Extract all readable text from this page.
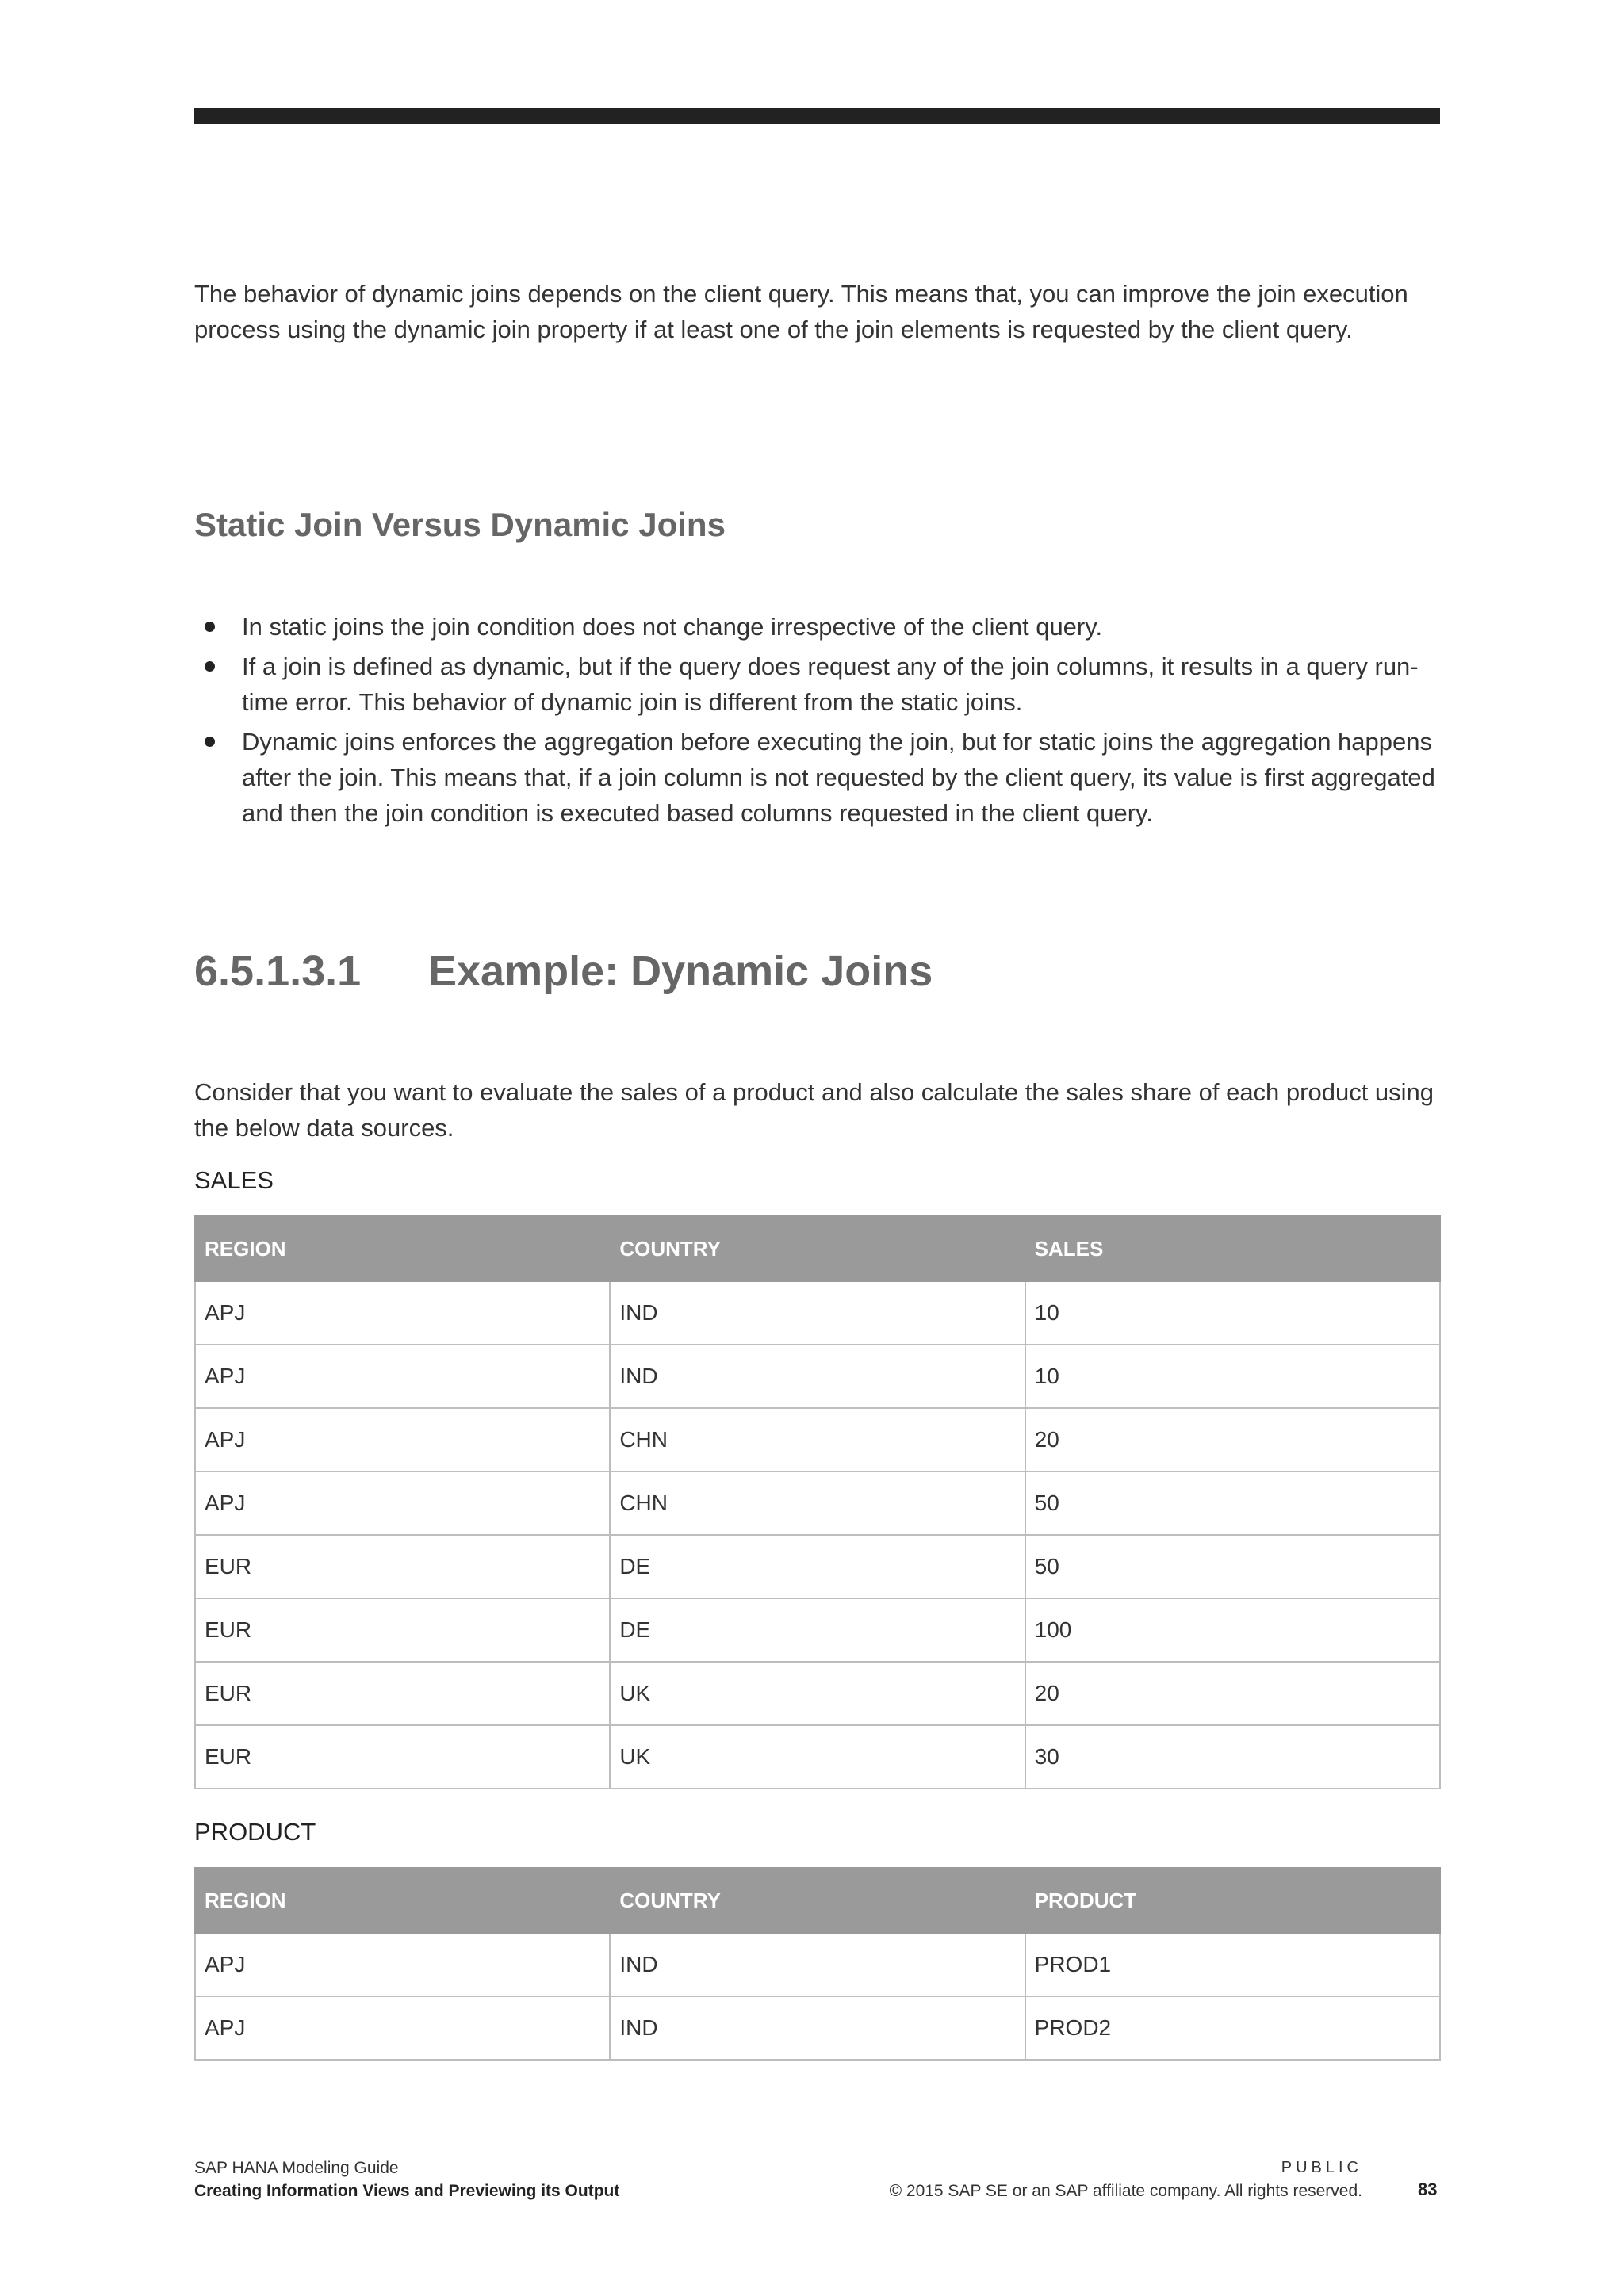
The behavior of dynamic joins depends on the client query. This means that, you can improve the join execution process using the dynamic join property if at least one of the join elements is requested by the client query.

Static Join Versus Dynamic Joins
In static joins the join condition does not change irrespective of the client query.
If a join is defined as dynamic, but if the query does request any of the join columns, it results in a query run-time error. This behavior of dynamic join is different from the static joins.
Dynamic joins enforces the aggregation before executing the join, but for static joins the aggregation happens after the join. This means that, if a join column is not requested by the client query, its value is first aggregated and then the join condition is executed based columns requested in the client query.
6.5.1.3.1 Example: Dynamic Joins

Consider that you want to evaluate the sales of a product and also calculate the sales share of each product using the below data sources.

SALES

REGION	COUNTRY	SALES
APJ	IND	10
APJ	IND	10
APJ	CHN	20
APJ	CHN	50
EUR	DE	50
EUR	DE	100
EUR	UK	20
EUR	UK	30

PRODUCT

REGION	COUNTRY	PRODUCT
APJ	IND	PROD1
APJ	IND	PROD2
SAP HANA Modeling Guide
Creating Information Views and Previewing its Output
PUBLIC
© 2015 SAP SE or an SAP affiliate company. All rights reserved.	83
